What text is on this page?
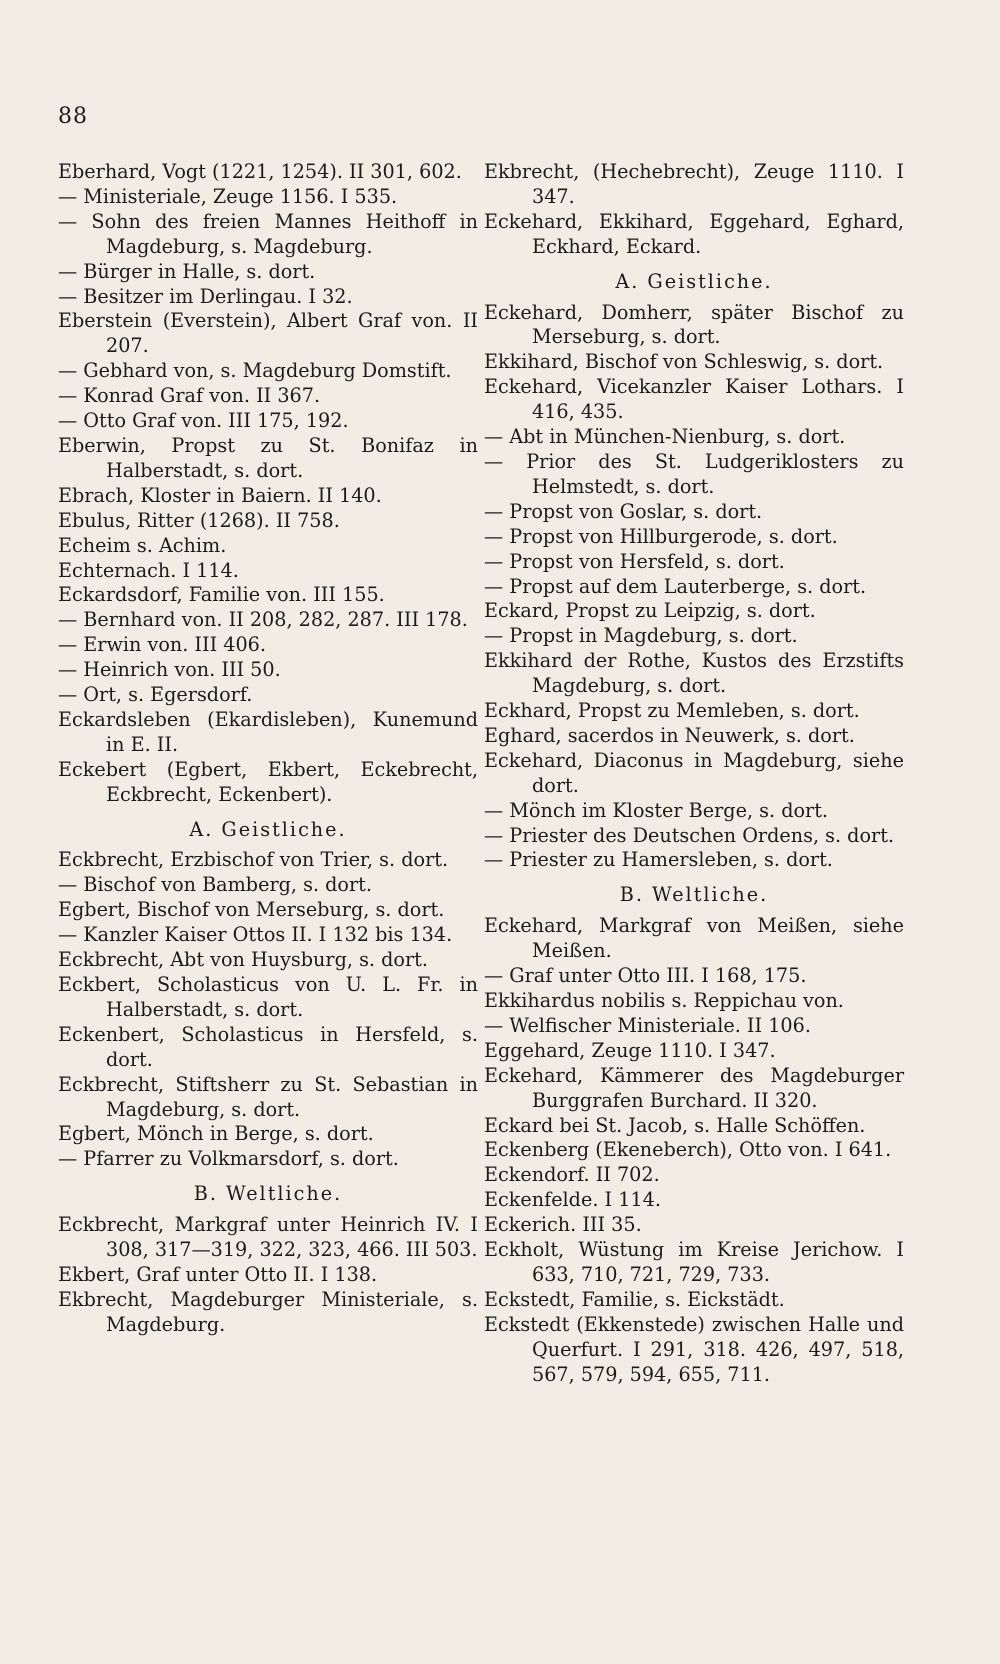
88

Eberhard, Vogt (1221, 1254). II 301, 602.

— Ministeriale, Zeuge 1156. I 535.

— Sohn des freien Mannes Heithoff in Magdeburg, s. Magdeburg.

— Bürger in Halle, s. dort.

— Besitzer im Derlingau. I 32.

Eberstein (Everstein), Albert Graf von. II 207.

— Gebhard von, s. Magdeburg Domstift.

— Konrad Graf von. II 367.

— Otto Graf von. III 175, 192.

Eberwin, Propst zu St. Bonifaz in Halberstadt, s. dort.

Ebrach, Kloster in Baiern. II 140.

Ebulus, Ritter (1268). II 758.

Echeim s. Achim.

Echternach. I 114.

Eckardsdorf, Familie von. III 155.

— Bernhard von. II 208, 282, 287. III 178.

— Erwin von. III 406.

— Heinrich von. III 50.

— Ort, s. Egersdorf.

Eckardsleben (Ekardisleben), Kunemund in E. II.

Eckebert (Egbert, Ekbert, Eckebrecht, Eckbrecht, Eckenbert).

A. Geistliche.

Eckbrecht, Erzbischof von Trier, s. dort.

— Bischof von Bamberg, s. dort.

Egbert, Bischof von Merseburg, s. dort.

— Kanzler Kaiser Ottos II. I 132 bis 134.

Eckbrecht, Abt von Huysburg, s. dort.

Eckbert, Scholasticus von U. L. Fr. in Halberstadt, s. dort.

Eckenbert, Scholasticus in Hersfeld, s. dort.

Eckbrecht, Stiftsherr zu St. Sebastian in Magdeburg, s. dort.

Egbert, Mönch in Berge, s. dort.

— Pfarrer zu Volkmarsdorf, s. dort.

B. Weltliche.

Eckbrecht, Markgraf unter Heinrich IV. I 308, 317—319, 322, 323, 466. III 503.

Ekbert, Graf unter Otto II. I 138.

Ekbrecht, Magdeburger Ministeriale, s. Magdeburg.

Ekbrecht, (Hechebrecht), Zeuge 1110. I 347.

Eckehard, Ekkihard, Eggehard, Eghard, Eckhard, Eckard.

A. Geistliche.

Eckehard, Domherr, später Bischof zu Merseburg, s. dort.

Ekkihard, Bischof von Schleswig, s. dort.

Eckehard, Vicekanzler Kaiser Lothars. I 416, 435.

— Abt in München-Nienburg, s. dort.

— Prior des St. Ludgeriklosters zu Helmstedt, s. dort.

— Propst von Goslar, s. dort.

— Propst von Hillburgerode, s. dort.

— Propst von Hersfeld, s. dort.

— Propst auf dem Lauterberge, s. dort.

Eckard, Propst zu Leipzig, s. dort.

— Propst in Magdeburg, s. dort.

Ekkihard der Rothe, Kustos des Erzstifts Magdeburg, s. dort.

Eckhard, Propst zu Memleben, s. dort.

Eghard, sacerdos in Neuwerk, s. dort.

Eckehard, Diaconus in Magdeburg, siehe dort.

— Mönch im Kloster Berge, s. dort.

— Priester des Deutschen Ordens, s. dort.

— Priester zu Hamersleben, s. dort.

B. Weltliche.

Eckehard, Markgraf von Meißen, siehe Meißen.

— Graf unter Otto III. I 168, 175.

Ekkihardus nobilis s. Reppichau von.

— Welfischer Ministeriale. II 106.

Eggehard, Zeuge 1110. I 347.

Eckehard, Kämmerer des Magdeburger Burggrafen Burchard. II 320.

Eckard bei St. Jacob, s. Halle Schöffen.

Eckenberg (Ekeneberch), Otto von. I 641.

Eckendorf. II 702.

Eckenfelde. I 114.

Eckerich. III 35.

Eckholt, Wüstung im Kreise Jerichow. I 633, 710, 721, 729, 733.

Eckstedt, Familie, s. Eickstädt.

Eckstedt (Ekkenstede) zwischen Halle und Querfurt. I 291, 318. 426, 497, 518, 567, 579, 594, 655, 711.
